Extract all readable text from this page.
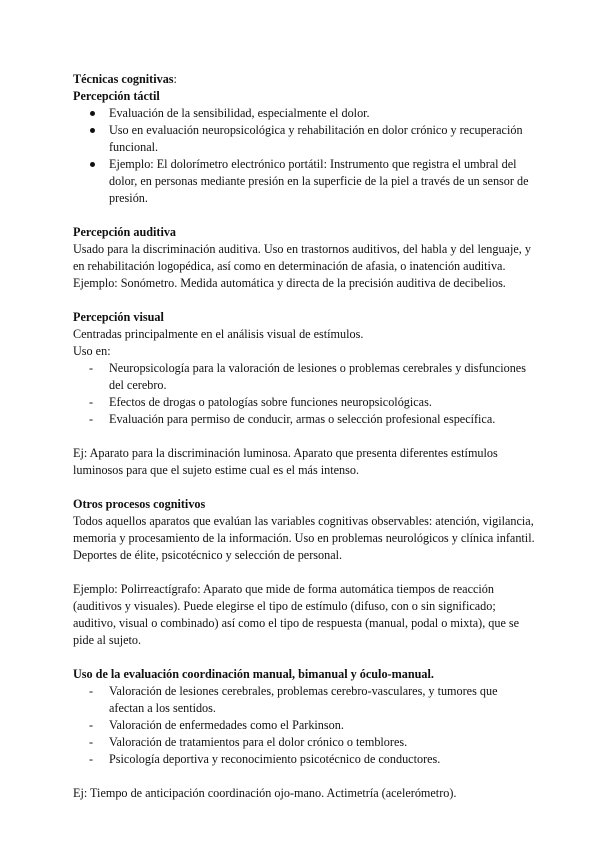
Técnicas cognitivas:

Percepción táctil

Evaluación de la sensibilidad, especialmente el dolor.
Uso en evaluación neuropsicológica y rehabilitación en dolor crónico y recuperación funcional.
Ejemplo: El dolorímetro electrónico portátil: Instrumento que registra el umbral del dolor, en personas mediante presión en la superficie de la piel a través de un sensor de presión.

Percepción auditiva

Usado para la discriminación auditiva. Uso en trastornos auditivos, del habla y del lenguaje, y en rehabilitación logopédica, así como en determinación de afasia, o inatención auditiva.

Ejemplo: Sonómetro. Medida automática y directa de la precisión auditiva de decibelios.

Percepción visual

Centradas principalmente en el análisis visual de estímulos.

Uso en:

- Neuropsicología para la valoración de lesiones o problemas cerebrales y disfunciones del cerebro.
- Efectos de drogas o patologías sobre funciones neuropsicológicas.
- Evaluación para permiso de conducir, armas o selección profesional específica.

Ej: Aparato para la discriminación luminosa. Aparato que presenta diferentes estímulos luminosos para que el sujeto estime cual es el más intenso.

Otros procesos cognitivos

Todos aquellos aparatos que evalúan las variables cognitivas observables: atención, vigilancia, memoria y procesamiento de la información. Uso en problemas neurológicos y clínica infantil. Deportes de élite, psicotécnico y selección de personal.

Ejemplo: Polirreactígrafo: Aparato que mide de forma automática tiempos de reacción (auditivos y visuales). Puede elegirse el tipo de estímulo (difuso, con o sin significado; auditivo, visual o combinado) así como el tipo de respuesta (manual, podal o mixta), que se pide al sujeto.

Uso de la evaluación coordinación manual, bimanual y óculo-manual.

- Valoración de lesiones cerebrales, problemas cerebro-vasculares, y tumores que afectan a los sentidos.
- Valoración de enfermedades como el Parkinson.
- Valoración de tratamientos para el dolor crónico o temblores.
- Psicología deportiva y reconocimiento psicotécnico de conductores.

Ej: Tiempo de anticipación coordinación ojo-mano. Actimetría (acelerómetro).
